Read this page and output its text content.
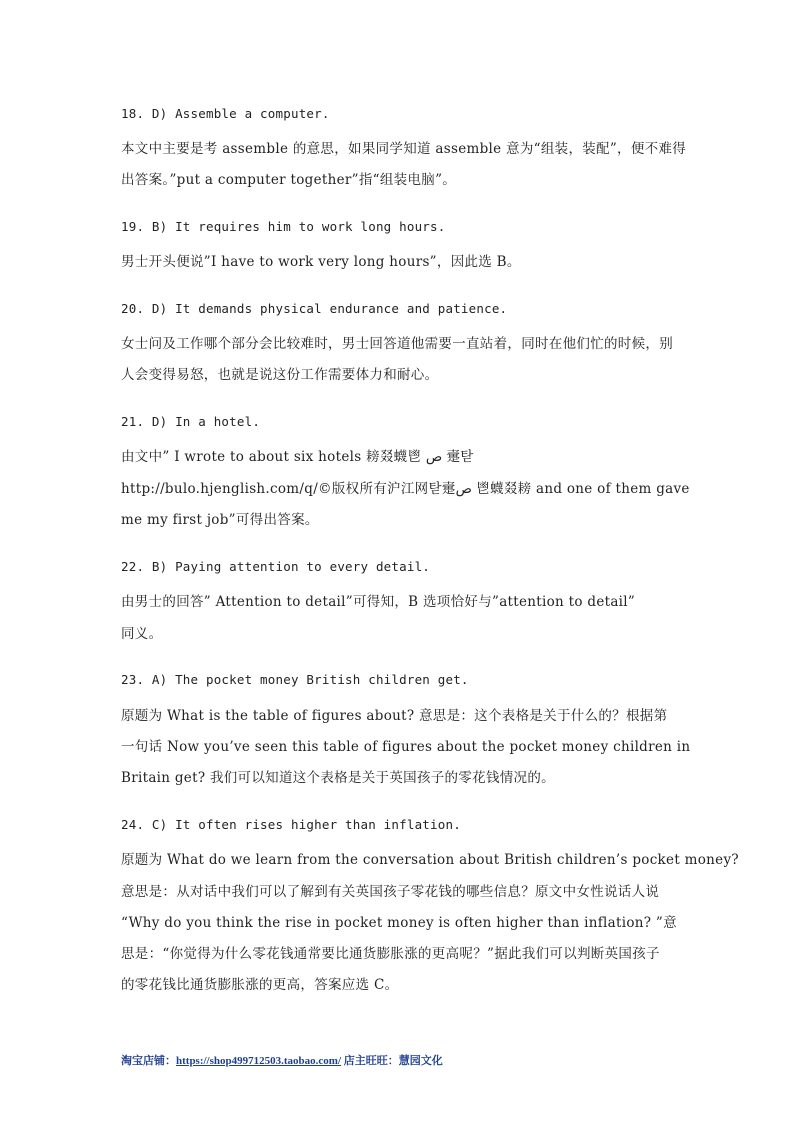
18. D) Assemble a computer.
本文中主要是考 assemble 的意思，如果同学知道 assemble 意为“组装，装配”，便不难得
出答案。”put a computer together”指“组装电脑”。
19. B) It requires him to work long hours.
男士开头便说”I have to work very long hours”，因此选 B。
20. D) It demands physical endurance and patience.
女士问及工作哪个部分会比较难时，男士回答道他需要一直站着，同时在他们忙的时候，别
人会变得易怒，也就是说这份工作需要体力和耐心。
21. D) In a hotel.
由文中” I wrote to about six hotels 耪叕蠛鬯 ص 㚄탇
http://bulo.hjenglish.com/q/©版权所有沪江网탇㚄ص 鬯蠛叕耪 and one of them gave
me my first job”可得出答案。
22. B) Paying attention to every detail.
由男士的回答” Attention to detail”可得知，B 选项恰好与”attention to detail”
同义。
23. A) The pocket money British children get.
原题为 What is the table of figures about? 意思是：这个表格是关于什么的？根据第
一句话 Now you’ve seen this table of figures about the pocket money children in
Britain get? 我们可以知道这个表格是关于英国孩子的零花钱情况的。
24. C) It often rises higher than inflation.
原题为 What do we learn from the conversation about British children’s pocket money?
意思是：从对话中我们可以了解到有关英国孩子零花钱的哪些信息？原文中女性说话人说
“Why do you think the rise in pocket money is often higher than inflation? ”意
思是：“你觉得为什么零花钱通常要比通货膨胀涨的更高呢？”据此我们可以判断英国孩子
的零花钱比通货膨胀涨的更高，答案应选 C。
淘宝店铺：https://shop499712503.taobao.com/ 店主旺旺：慧园文化
